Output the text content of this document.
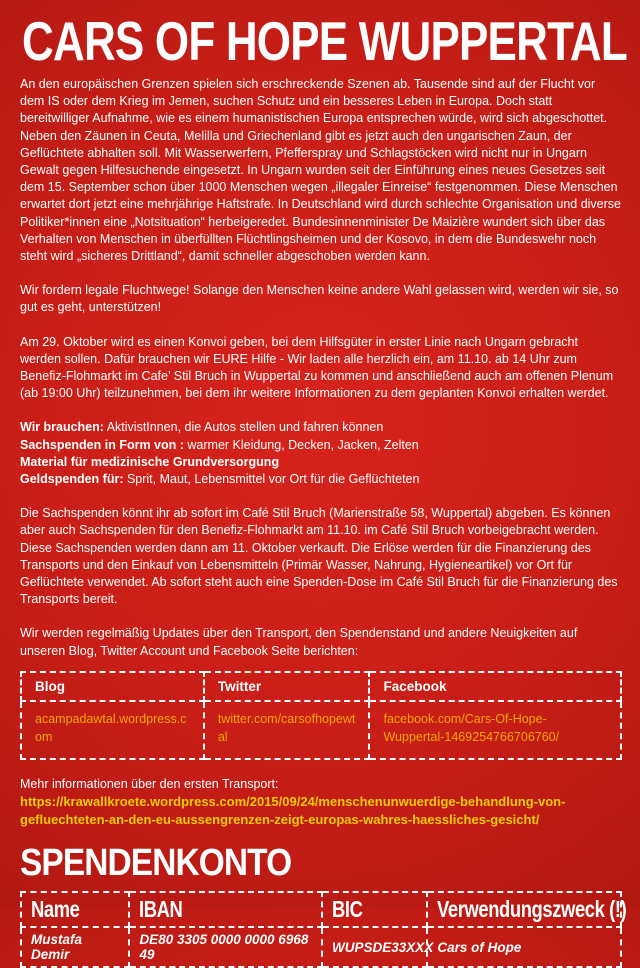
CARS OF HOPE WUPPERTAL

An den europäischen Grenzen spielen sich erschreckende Szenen ab. Tausende sind auf der Flucht vor dem IS oder dem Krieg im Jemen, suchen Schutz und ein besseres Leben in Europa. Doch statt bereitwilliger Aufnahme, wie es einem humanistischen Europa entsprechen würde, wird sich abgeschottet. Neben den Zäunen in Ceuta, Melilla und Griechenland gibt es jetzt auch den ungarischen Zaun, der Geflüchtete abhalten soll. Mit Wasserwerfern, Pfefferspray und Schlagstöcken wird nicht nur in Ungarn Gewalt gegen Hilfesuchende eingesetzt. In Ungarn wurden seit der Einführung eines neues Gesetzes seit dem 15. September schon über 1000 Menschen wegen „illegaler Einreise“ festgenommen. Diese Menschen erwartet dort jetzt eine mehrjährige Haftstrafe. In Deutschland wird durch schlechte Organisation und diverse Politiker*innen eine „Notsituation“ herbeigeredet. Bundesinnenminister De Maizière wundert sich über das Verhalten von Menschen in überfüllten Flüchtlingsheimen und der Kosovo, in dem die Bundeswehr noch steht wird „sicheres Drittland“, damit schneller abgeschoben werden kann.

Wir fordern legale Fluchtwege! Solange den Menschen keine andere Wahl gelassen wird, werden wir sie, so gut es geht, unterstützen!

Am 29. Oktober wird es einen Konvoi geben, bei dem Hilfsgüter in erster Linie nach Ungarn gebracht werden sollen. Dafür brauchen wir EURE Hilfe - Wir laden alle herzlich ein, am 11.10. ab 14 Uhr zum Benefiz-Flohmarkt im Cafe’ Stil Bruch in Wuppertal zu kommen und anschließend auch am offenen Plenum (ab 19:00 Uhr) teilzunehmen, bei dem ihr weitere Informationen zu dem geplanten Konvoi erhalten werdet.

Wir brauchen: AktivistInnen, die Autos stellen und fahren können
Sachspenden in Form von : warmer Kleidung, Decken, Jacken, Zelten
Material für medizinische Grundversorgung
Geldspenden für: Sprit, Maut, Lebensmittel vor Ort für die Geflüchteten

Die Sachspenden könnt ihr ab sofort im Café Stil Bruch (Marienstraße 58, Wuppertal) abgeben. Es können aber auch Sachspenden für den Benefiz-Flohmarkt am 11.10. im Café Stil Bruch vorbeigebracht werden. Diese Sachspenden werden dann am 11. Oktober verkauft. Die Erlöse werden für die Finanzierung des Transports und den Einkauf von Lebensmitteln (Primär Wasser, Nahrung, Hygieneartikel) vor Ort für Geflüchtete verwendet. Ab sofort steht auch eine Spenden-Dose im Café Stil Bruch für die Finanzierung des Transports bereit.

Wir werden regelmäßig Updates über den Transport, den Spendenstand und andere Neuigkeiten auf unseren Blog, Twitter Account und Facebook Seite berichten:

Blog	Twitter	Facebook
acampadawtal.wordpress.com	twitter.com/carsofhopewtal	facebook.com/Cars-Of-Hope-Wuppertal-1469254766706760/
Mehr informationen über den ersten Transport:
https://krawallkroete.wordpress.com/2015/09/24/menschenunwuerdige-behandlung-von-gefluechteten-an-den-eu-aussengrenzen-zeigt-europas-wahres-haessliches-gesicht/
SPENDENKONTO
Name	IBAN	BIC	Verwendungszweck (!)
Mustafa Demir	DE80 3305 0000 0000 6968 49	WUPSDE33XXX	Cars of Hope
